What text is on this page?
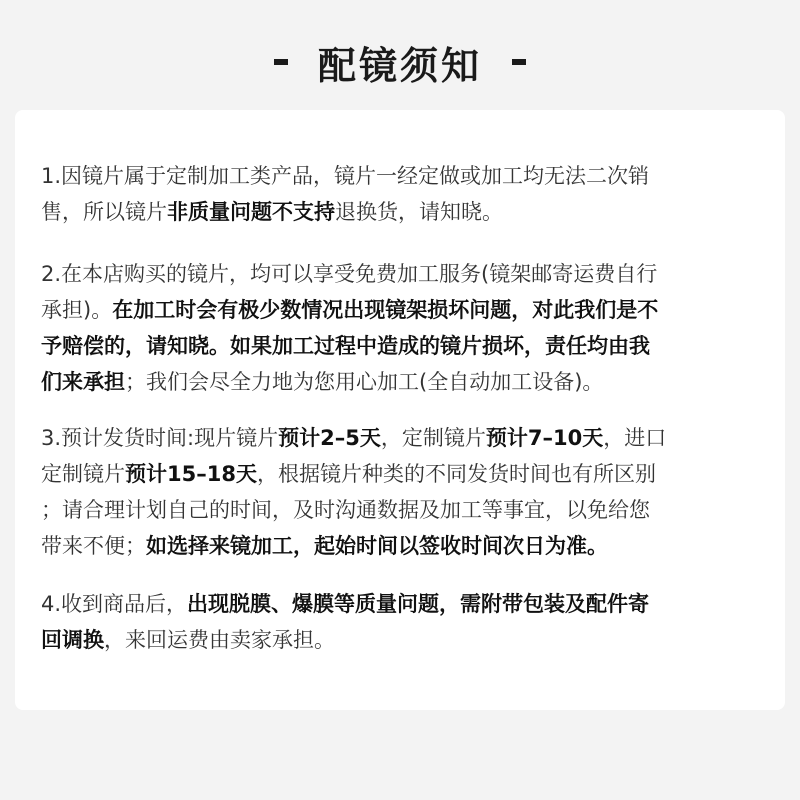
配镜须知
1.因镜片属于定制加工类产品，镜片一经定做或加工均无法二次销
售，所以镜片非质量问题不支持退换货，请知晓。
2.在本店购买的镜片，均可以享受免费加工服务(镜架邮寄运费自行
承担)。在加工时会有极少数情况出现镜架损坏问题，对此我们是不
予赔偿的，请知晓。如果加工过程中造成的镜片损坏，责任均由我
们来承担；我们会尽全力地为您用心加工(全自动加工设备)。
3.预计发货时间:现片镜片预计2–5天，定制镜片预计7–10天，进口
定制镜片预计15–18天，根据镜片种类的不同发货时间也有所区别
；请合理计划自己的时间，及时沟通数据及加工等事宜，以免给您
带来不便；如选择来镜加工，起始时间以签收时间次日为准。
4.收到商品后，出现脱膜、爆膜等质量问题，需附带包装及配件寄
回调换，来回运费由卖家承担。
